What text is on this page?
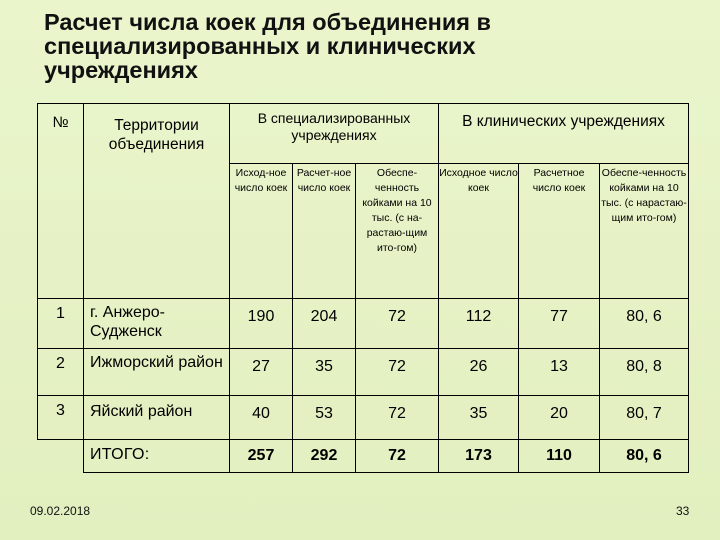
Расчет числа коек для объединения в
специализированных и клинических
учреждениях
№	Территории объединения	В специализированных учреждениях			В клинических учреждениях		
		Исход-ное число коек	Расчет-ное число коек	Обеспе-ченность койками на 10 тыс. (с на-растаю-щим ито-гом)	Исходное число коек	Расчетное число коек	Обеспе-ченность койками на 10 тыс. (с нарастаю-щим ито-гом)
1	г. Анжеро-Судженск	190	204	72	112	77	80, 6
2	Ижморский район	27	35	72	26	13	80, 8
3	Яйский район	40	53	72	35	20	80, 7
	ИТОГО:	257	292	72	173	110	80, 6
09.02.2018	33
